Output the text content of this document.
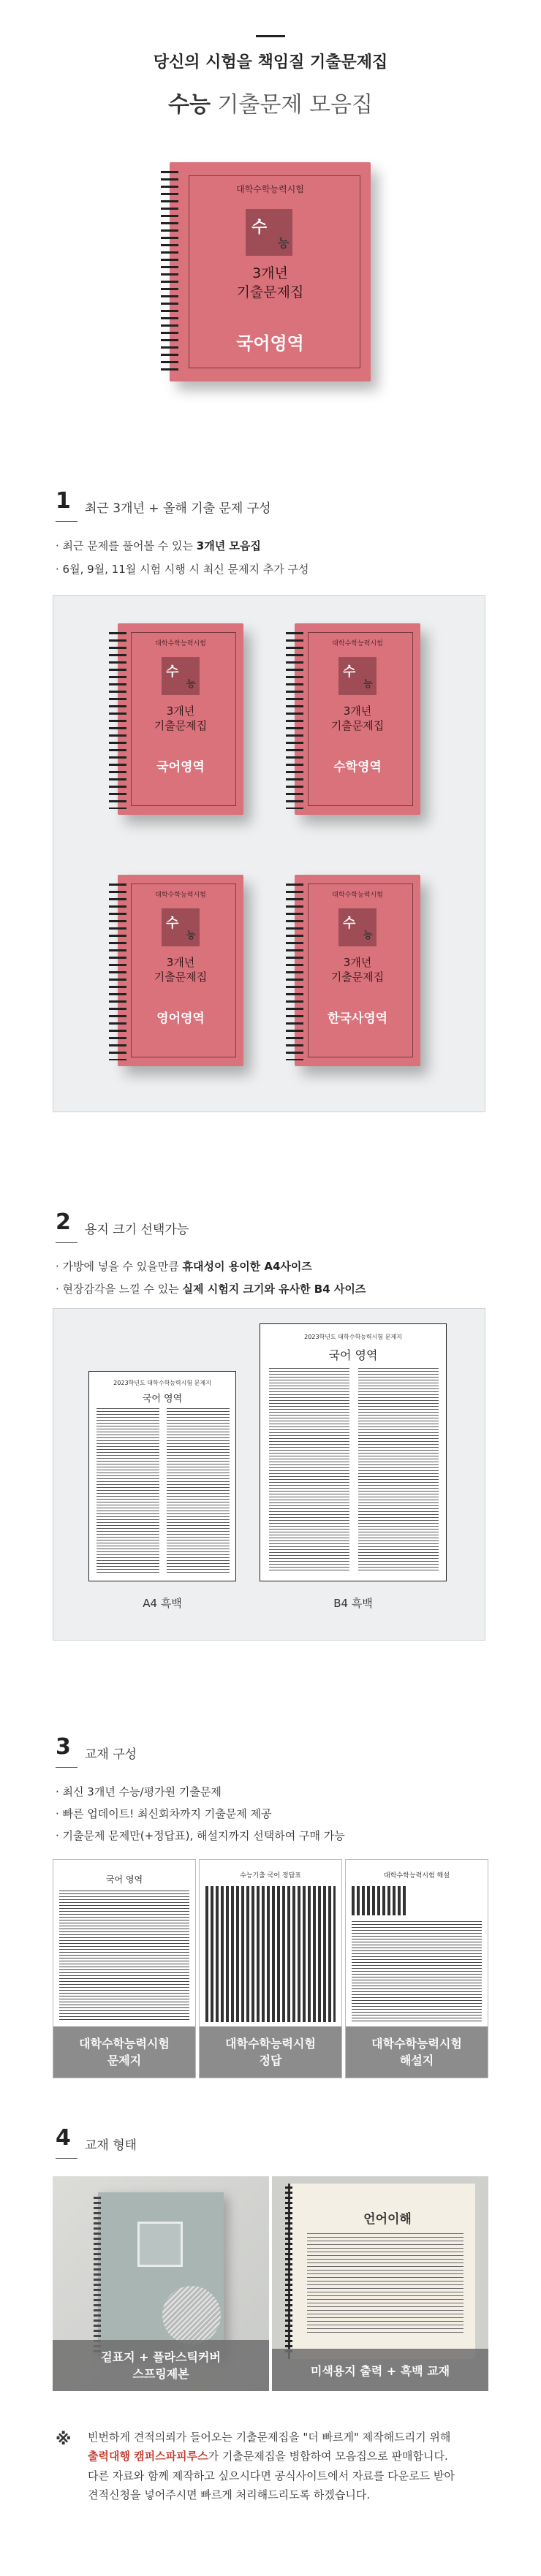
당신의 시험을 책임질 기출문제집
수능 기출문제 모음집
대학수학능력시험
수
능
3개년
기출문제집
국어영역
1 최근 3개년 + 올해 기출 문제 구성
· 최근 문제를 풀어볼 수 있는 3개년 모음집
· 6월, 9월, 11월 시험 시행 시 최신 문제지 추가 구성
대학수학능력시험
수
능
3개년
기출문제집
국어영역
대학수학능력시험
수
능
3개년
기출문제집
수학영역
대학수학능력시험
수
능
3개년
기출문제집
영어영역
대학수학능력시험
수
능
3개년
기출문제집
한국사영역
2 용지 크기 선택가능
· 가방에 넣을 수 있을만큼 휴대성이 용이한 A4사이즈
· 현장감각을 느낄 수 있는 실제 시험지 크기와 유사한 B4 사이즈
2023학년도 대학수학능력시험 문제지
국어 영역
A4 흑백
2023학년도 대학수학능력시험 문제지
국어 영역
B4 흑백
3 교재 구성
· 최신 3개년 수능/평가원 기출문제
· 빠른 업데이트! 최신회차까지 기출문제 제공
· 기출문제 문제만(+정답표), 해설지까지 선택하여 구매 가능
국어 영역
대학수학능력시험
문제지
수능기출 국어 정답표
대학수학능력시험
정답
대학수학능력시험 해설
대학수학능력시험
해설지
4 교재 형태
겉표지 + 플라스틱커버
스프링제본
언어이해
미색용지 출력 + 흑백 교재
※ 빈번하게 견적의뢰가 들어오는 기출문제집을 "더 빠르게" 제작해드리기 위해
출력대행 캠퍼스파피루스가 기출문제집을 병합하여 모음집으로 판매합니다.
다른 자료와 함께 제작하고 싶으시다면 공식사이트에서 자료를 다운로드 받아
견적신청을 넣어주시면 빠르게 처리해드리도록 하겠습니다.
